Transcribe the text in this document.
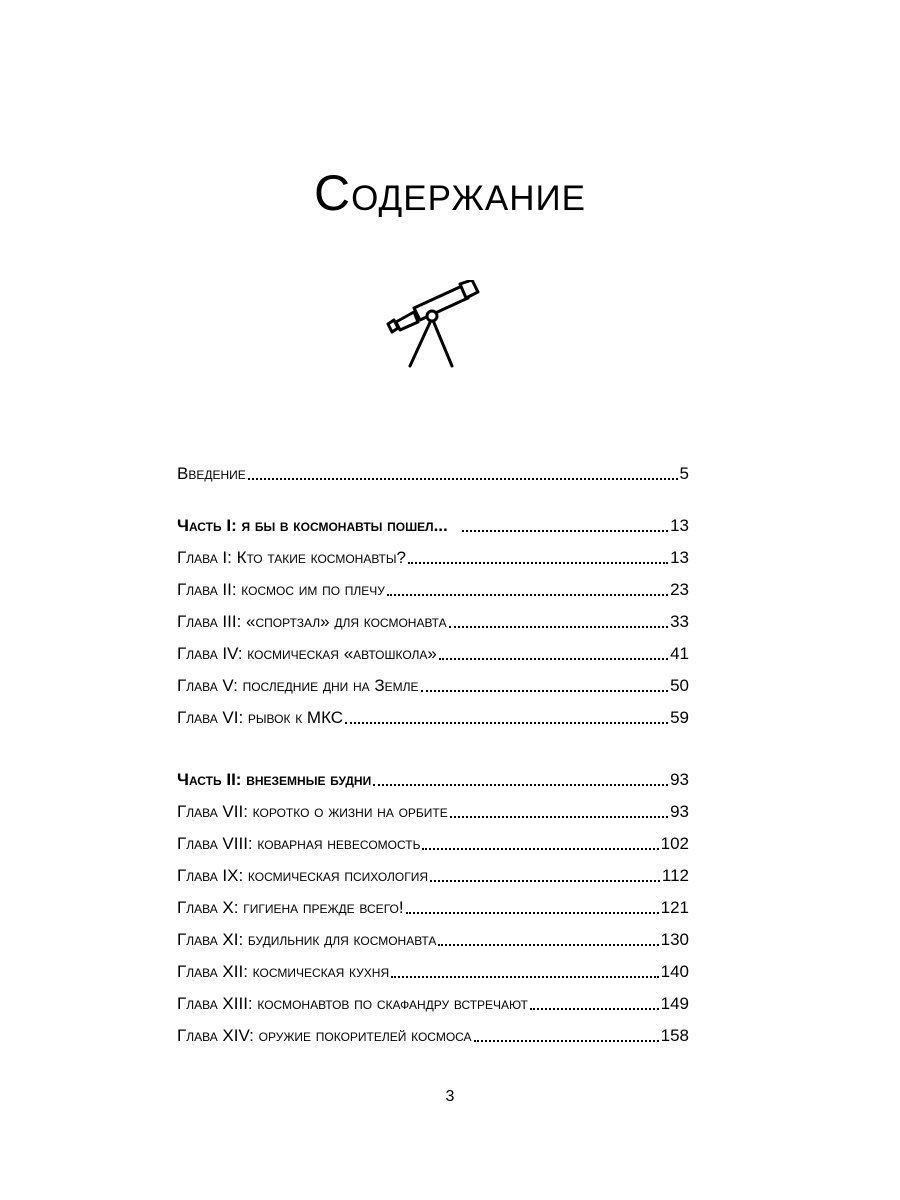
Содержание
Введение	5
Часть I: я бы в космонавты пошел...	13
Глава I: Кто такие космонавты?	13
Глава II: космос им по плечу	23
Глава III: «спортзал» для космонавта	33
Глава IV: космическая «автошкола»	41
Глава V: последние дни на Земле	50
Глава VI: рывок к МКС	59
Часть II: внеземные будни	93
Глава VII: коротко о жизни на орбите	93
Глава VIII: коварная невесомость	102
Глава IX: космическая психология	112
Глава X: гигиена прежде всего!	121
Глава XI: будильник для космонавта	130
Глава XII: космическая кухня	140
Глава XIII: космонавтов по скафандру встречают	149
Глава XIV: оружие покорителей космоса	158
3
